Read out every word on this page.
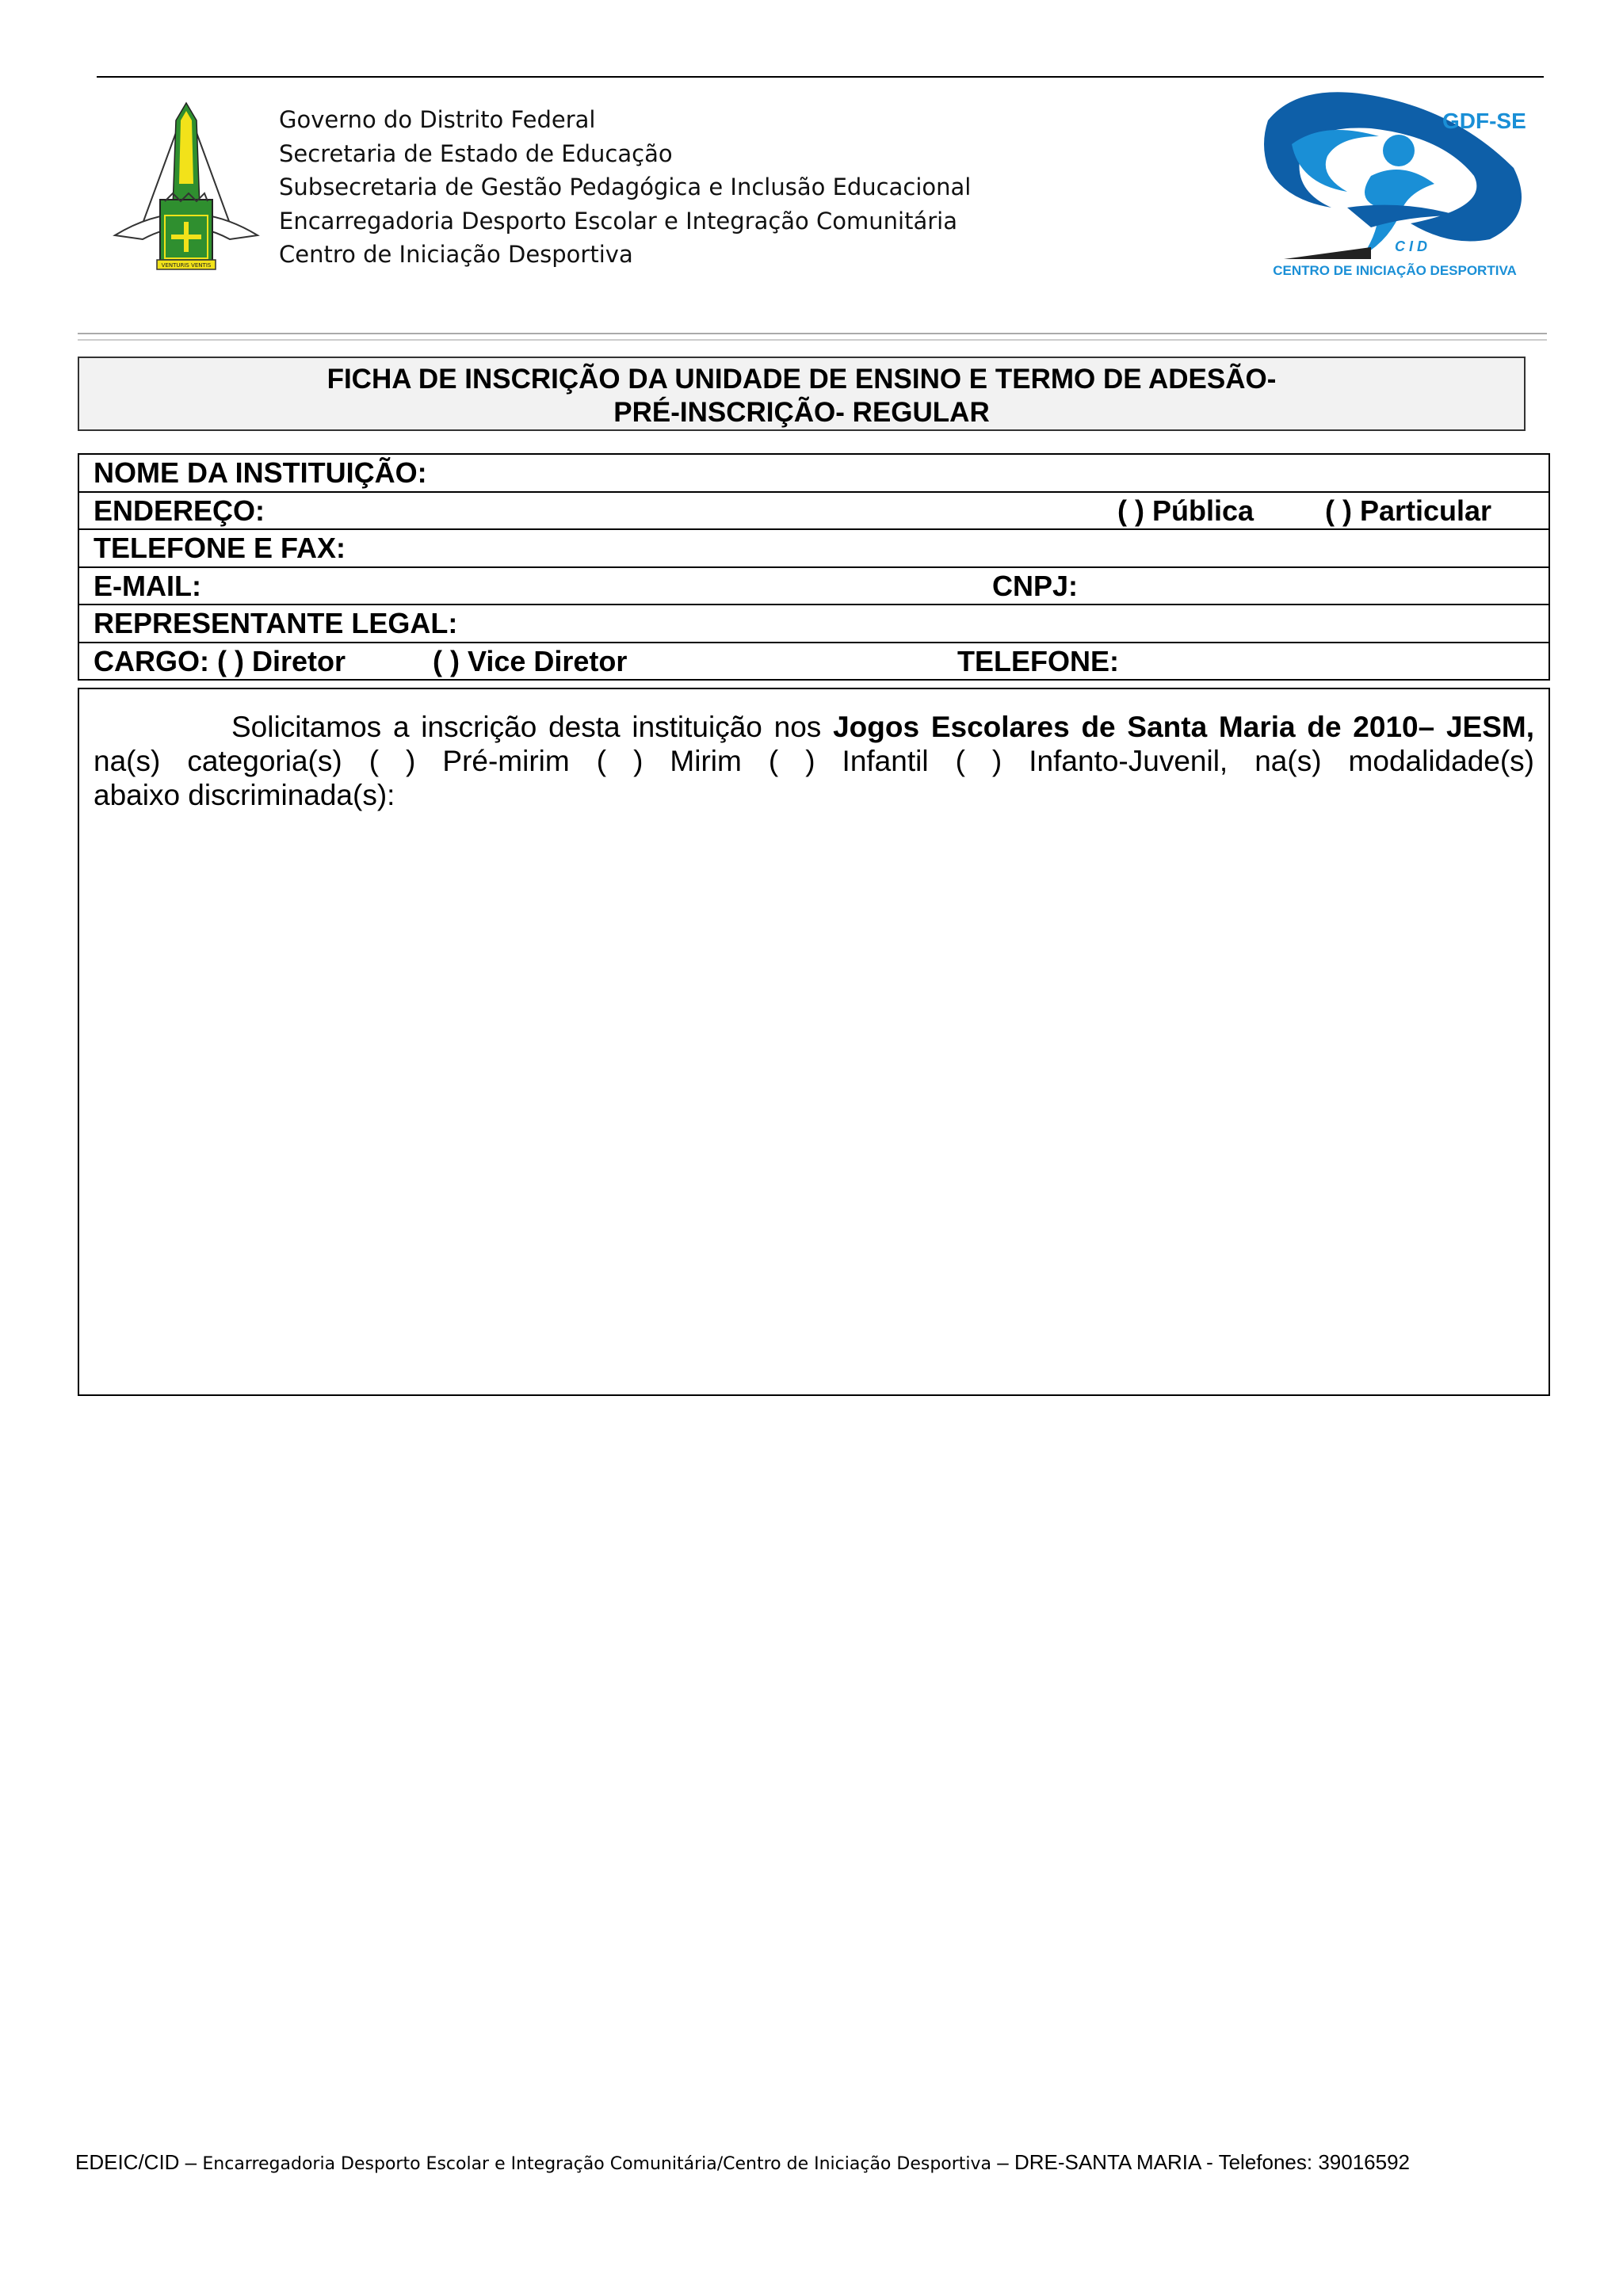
VENTURIS VENTIS
Governo do Distrito Federal
Secretaria de Estado de Educação
Subsecretaria de Gestão Pedagógica e Inclusão Educacional
Encarregadoria Desporto Escolar e Integração Comunitária
Centro de Iniciação Desportiva
GDF-SE
C I D
CENTRO DE INICIAÇÃO DESPORTIVA
FICHA DE INSCRIÇÃO DA UNIDADE DE ENSINO E TERMO DE ADESÃO-
PRÉ-INSCRIÇÃO- REGULAR
NOME DA INSTITUIÇÃO:
ENDEREÇO:	( ) Pública ( ) Particular
TELEFONE E FAX:
E-MAIL:	CNPJ:
REPRESENTANTE LEGAL:
CARGO: ( ) Diretor	( ) Vice Diretor	TELEFONE:
Solicitamos a inscrição desta instituição nos Jogos Escolares de Santa Maria de 2010– JESM,
na(s) categoria(s) ( ) Pré-mirim ( ) Mirim ( ) Infantil ( ) Infanto-Juvenil, na(s) modalidade(s)
abaixo discriminada(s):
EDEIC/CID – Encarregadoria Desporto Escolar e Integração Comunitária/Centro de Iniciação Desportiva – DRE-SANTA MARIA - Telefones: 39016592
